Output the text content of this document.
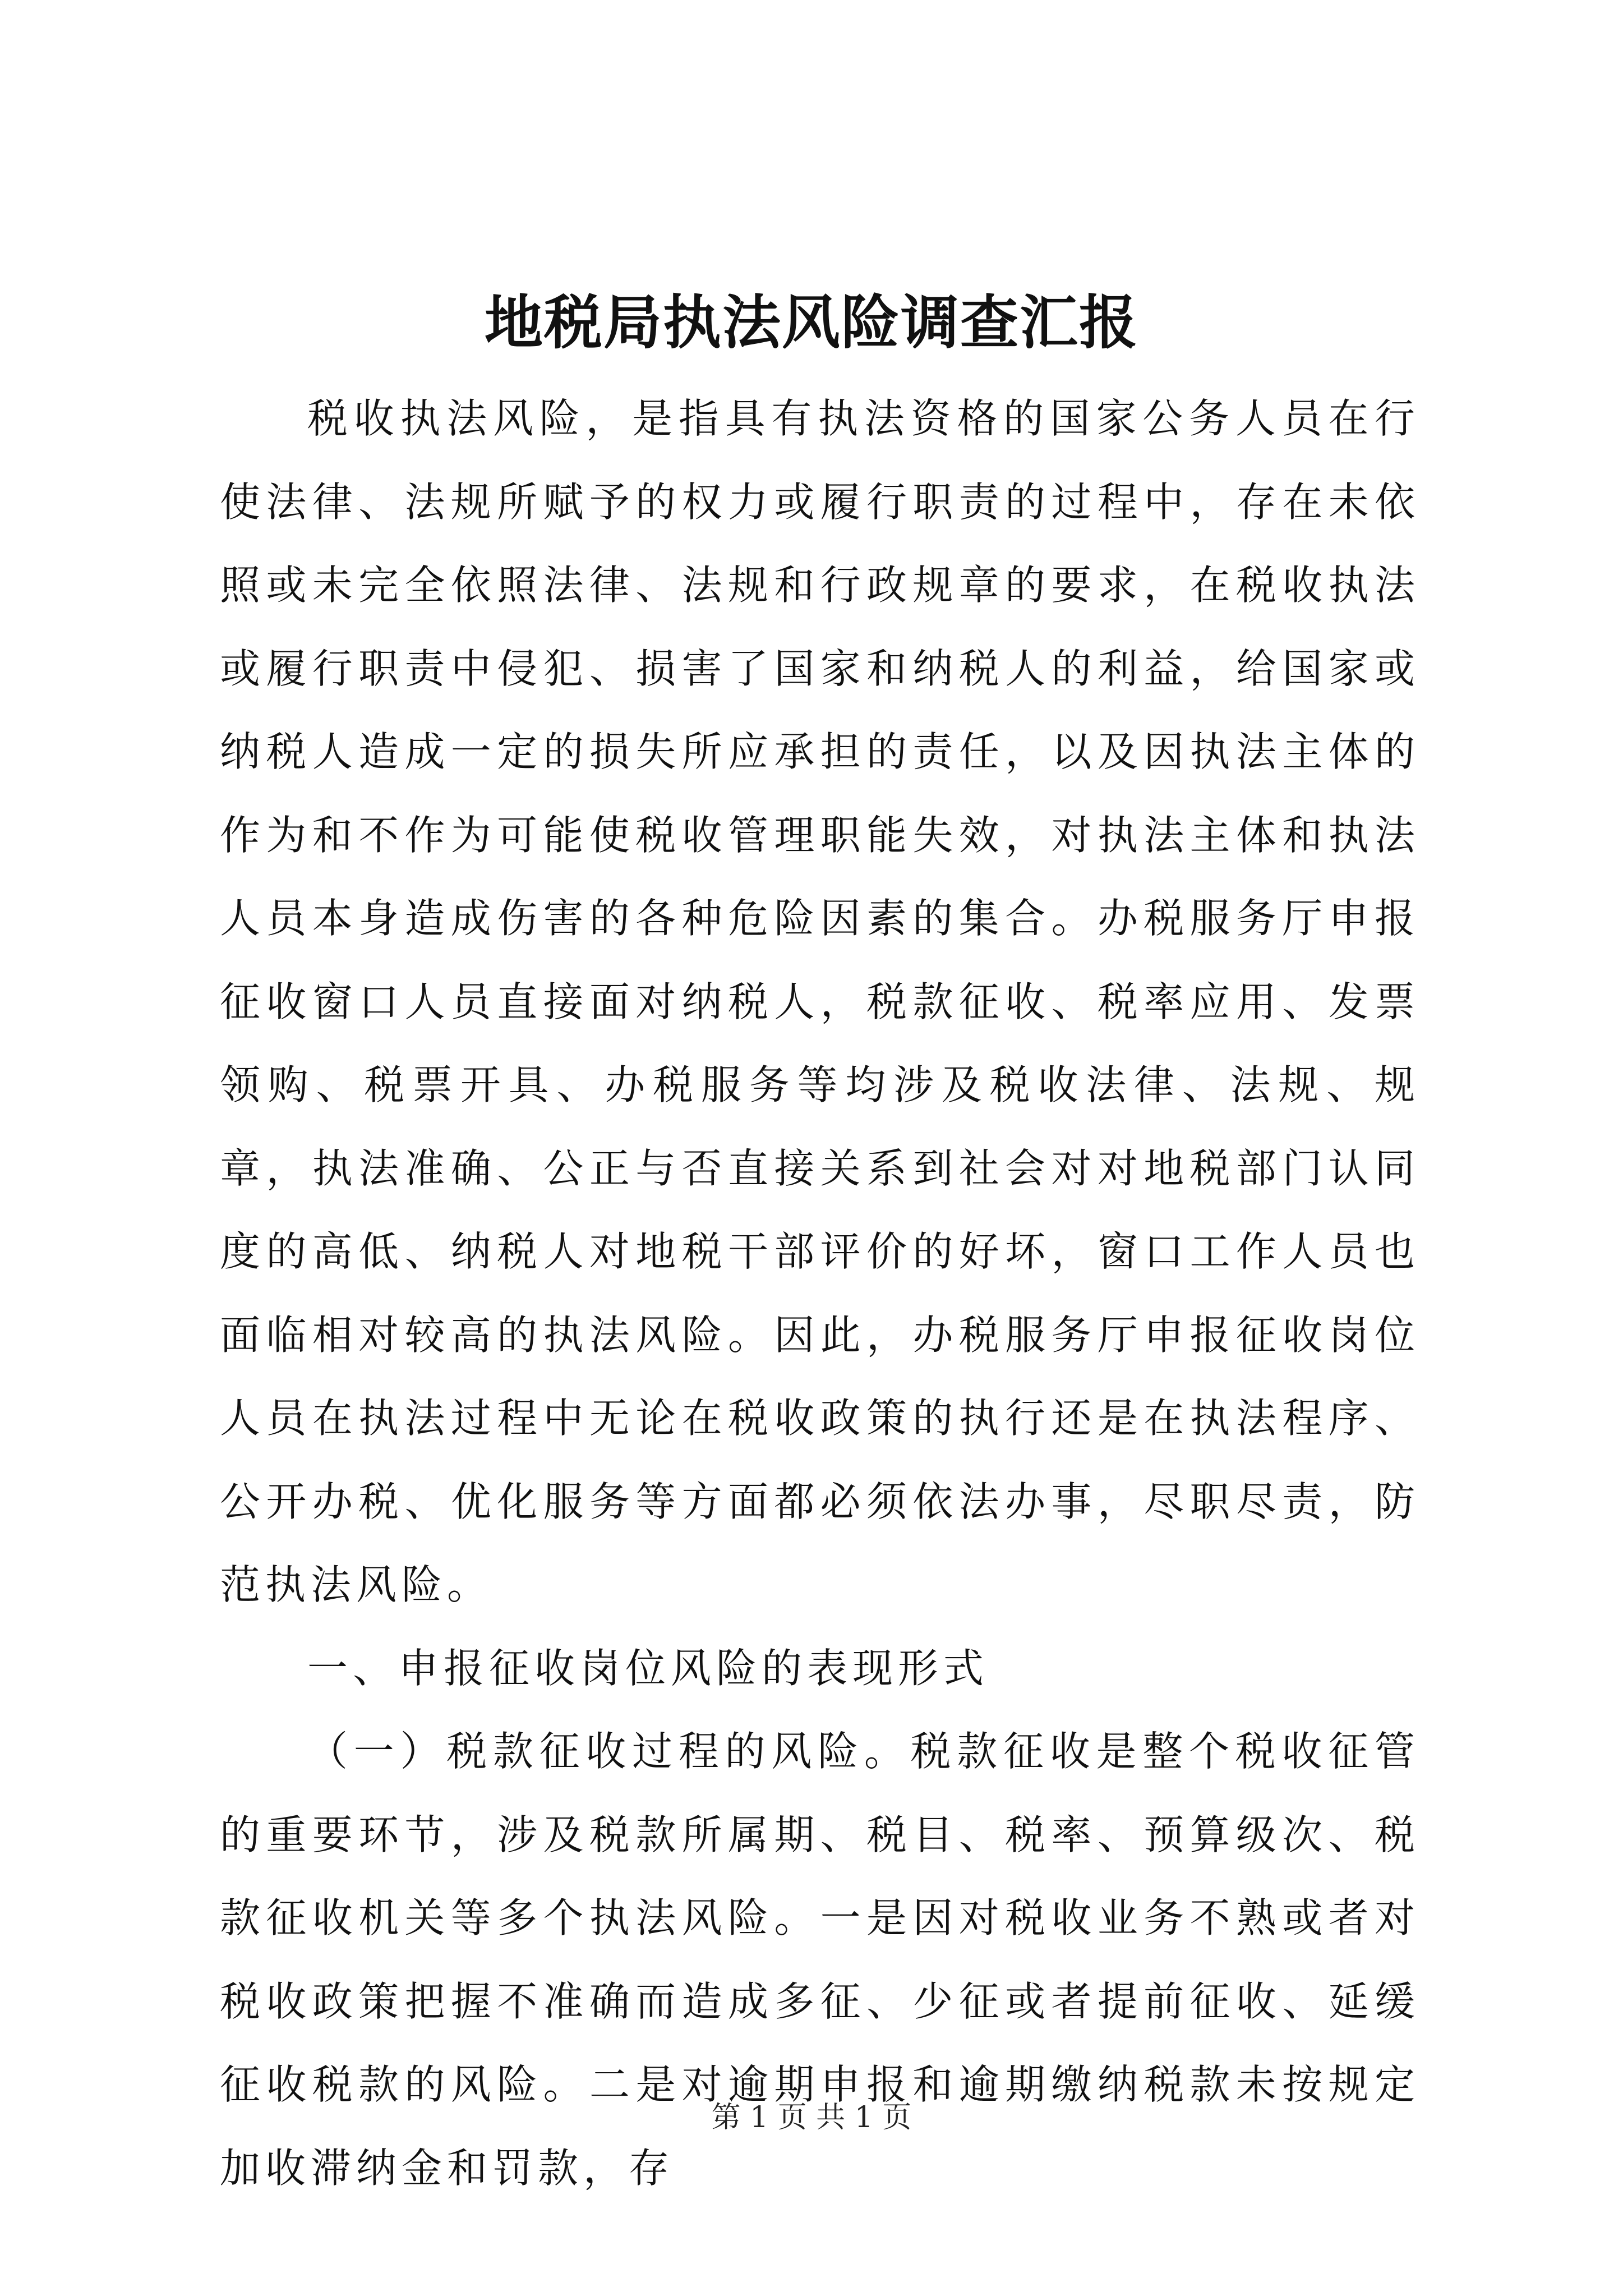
地税局执法风险调查汇报

税收执法风险，是指具有执法资格的国家公务人员在行使法律、法规所赋予的权力或履行职责的过程中，存在未依照或未完全依照法律、法规和行政规章的要求，在税收执法或履行职责中侵犯、损害了国家和纳税人的利益，给国家或纳税人造成一定的损失所应承担的责任，以及因执法主体的作为和不作为可能使税收管理职能失效，对执法主体和执法人员本身造成伤害的各种危险因素的集合。办税服务厅申报征收窗口人员直接面对纳税人，税款征收、税率应用、发票领购、税票开具、办税服务等均涉及税收法律、法规、规章，执法准确、公正与否直接关系到社会对对地税部门认同度的高低、纳税人对地税干部评价的好坏，窗口工作人员也面临相对较高的执法风险。因此，办税服务厅申报征收岗位人员在执法过程中无论在税收政策的执行还是在执法程序、公开办税、优化服务等方面都必须依法办事，尽职尽责，防范执法风险。

一、申报征收岗位风险的表现形式

（一）税款征收过程的风险。税款征收是整个税收征管的重要环节，涉及税款所属期、税目、税率、预算级次、税款征收机关等多个执法风险。一是因对税收业务不熟或者对税收政策把握不准确而造成多征、少征或者提前征收、延缓征收税款的风险。二是对逾期申报和逾期缴纳税款未按规定加收滞纳金和罚款，存

第 1 页 共 1 页
